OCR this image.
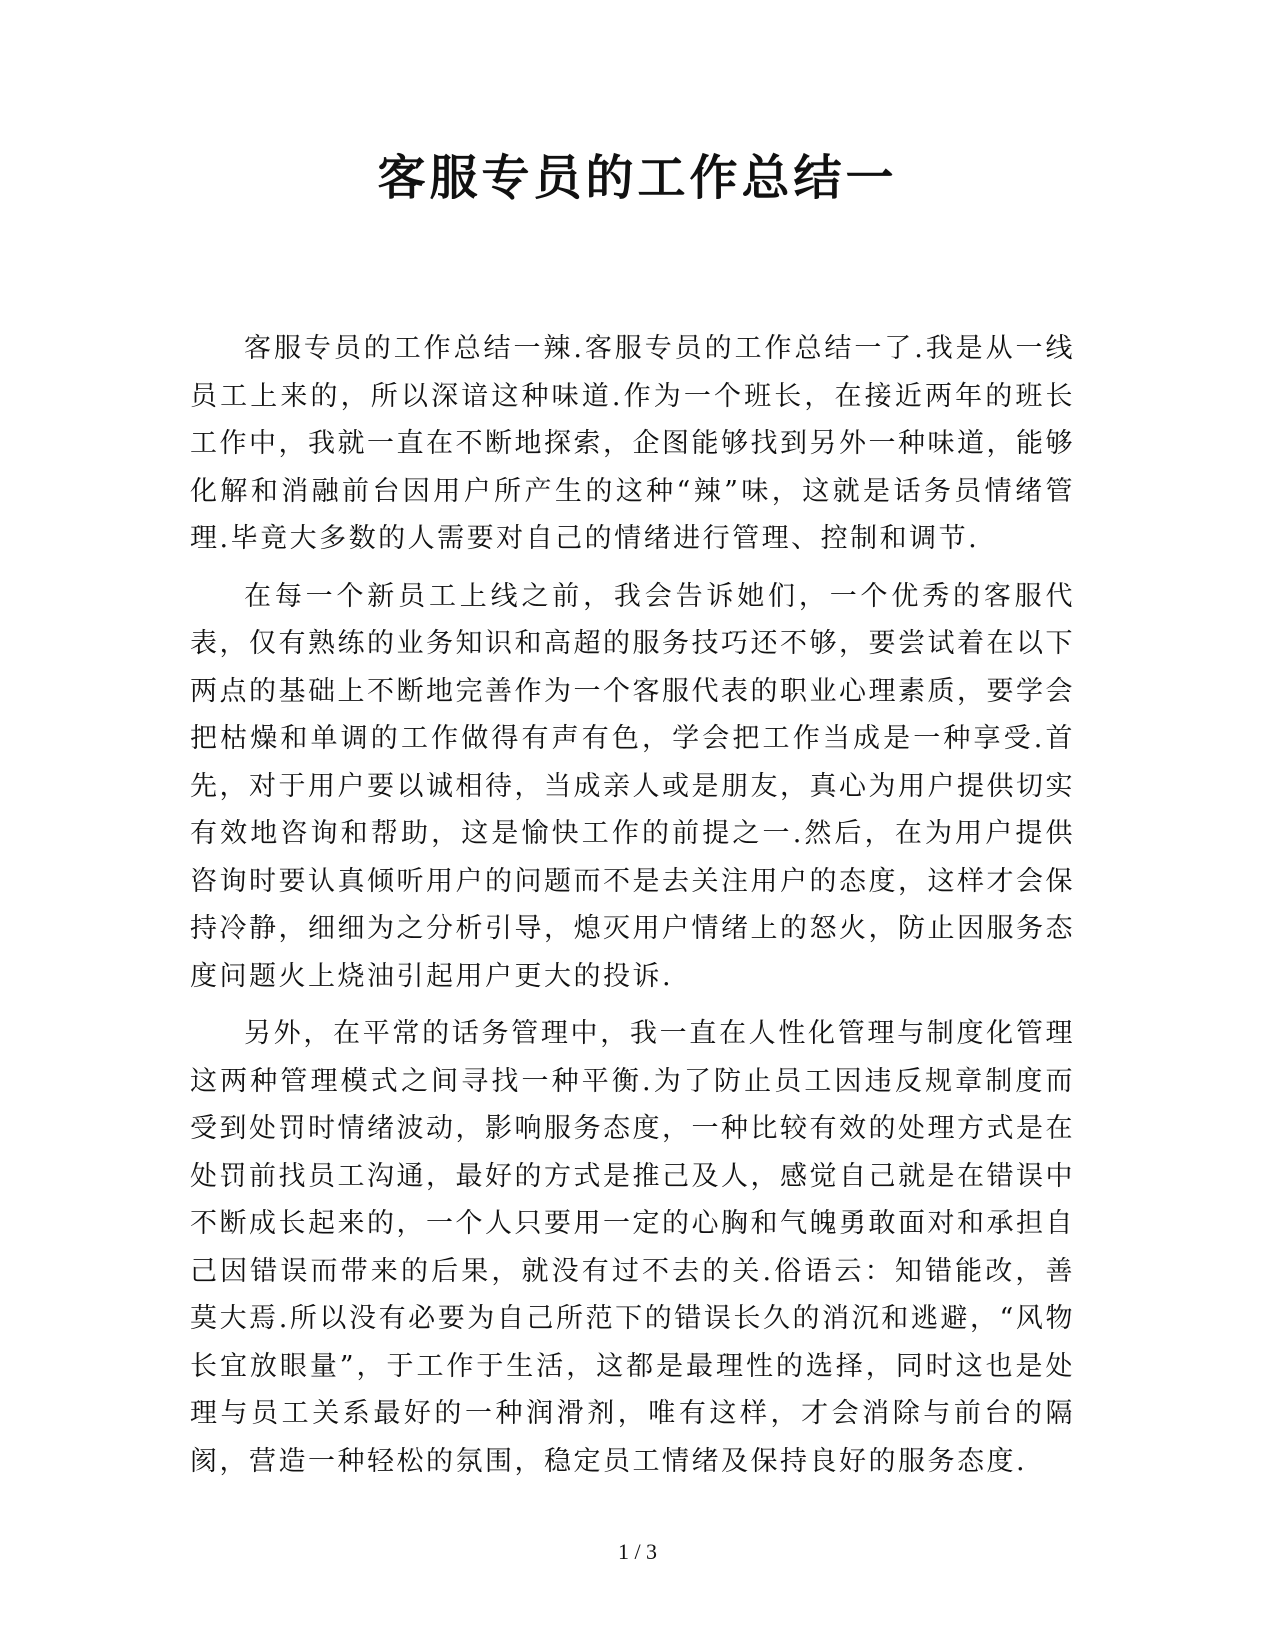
客服专员的工作总结一

客服专员的工作总结一辣.客服专员的工作总结一了.我是从一线员工上来的，所以深谙这种味道.作为一个班长，在接近两年的班长工作中，我就一直在不断地探索，企图能够找到另外一种味道，能够化解和消融前台因用户所产生的这种“辣”味，这就是话务员情绪管理.毕竟大多数的人需要对自己的情绪进行管理、控制和调节.

在每一个新员工上线之前，我会告诉她们，一个优秀的客服代表，仅有熟练的业务知识和高超的服务技巧还不够，要尝试着在以下两点的基础上不断地完善作为一个客服代表的职业心理素质，要学会把枯燥和单调的工作做得有声有色，学会把工作当成是一种享受.首先，对于用户要以诚相待，当成亲人或是朋友，真心为用户提供切实有效地咨询和帮助，这是愉快工作的前提之一.然后，在为用户提供咨询时要认真倾听用户的问题而不是去关注用户的态度，这样才会保持冷静，细细为之分析引导，熄灭用户情绪上的怒火，防止因服务态度问题火上烧油引起用户更大的投诉.

另外，在平常的话务管理中，我一直在人性化管理与制度化管理这两种管理模式之间寻找一种平衡.为了防止员工因违反规章制度而受到处罚时情绪波动，影响服务态度，一种比较有效的处理方式是在处罚前找员工沟通，最好的方式是推己及人，感觉自己就是在错误中不断成长起来的，一个人只要用一定的心胸和气魄勇敢面对和承担自己因错误而带来的后果，就没有过不去的关.俗语云：知错能改，善莫大焉.所以没有必要为自己所范下的错误长久的消沉和逃避，“风物长宜放眼量”，于工作于生活，这都是最理性的选择，同时这也是处理与员工关系最好的一种润滑剂，唯有这样，才会消除与前台的隔阂，营造一种轻松的氛围，稳定员工情绪及保持良好的服务态度.

1 / 3
